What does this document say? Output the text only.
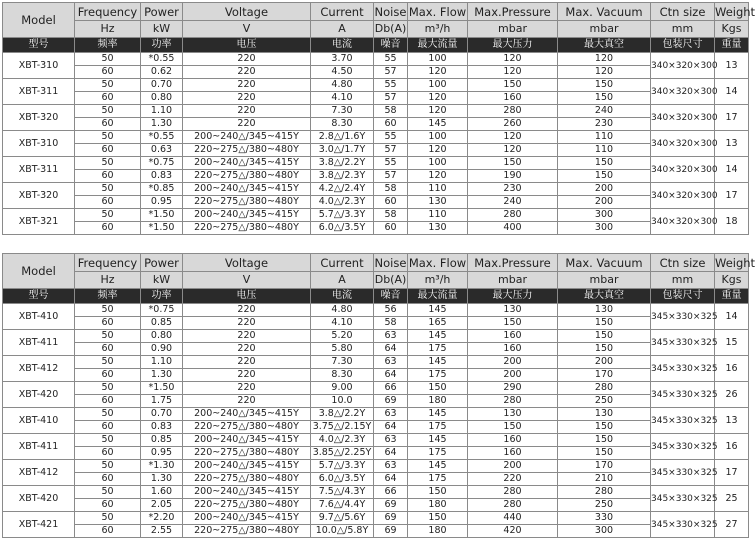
Model	Frequency	Power	Voltage	Current	Noise	Max. Flow	Max.Pressure	Max. Vacuum	Ctn size	Weight
	Hz	kW	V	A	Db(A)	m³/h	mbar	mbar	mm	Kgs
型号	频率	功率	电压	电流	噪音	最大流量	最大压力	最大真空	包装尺寸	重量
XBT-310	50	*0.55	220	3.70	55	100	120	120	340×320×300	13
	60	0.62	220	4.50	57	120	120	120		
XBT-311	50	0.70	220	4.80	55	100	150	150	340×320×300	14
	60	0.80	220	4.10	57	120	160	150		
XBT-320	50	1.10	220	7.30	58	120	280	240	340×320×300	17
	60	1.30	220	8.30	60	145	260	230		
XBT-310	50	*0.55	200~240△/345~415Y	2.8△/1.6Y	55	100	120	110	340×320×300	13
	60	0.63	220~275△/380~480Y	3.0△/1.7Y	57	120	120	110		
XBT-311	50	*0.75	200~240△/345~415Y	3.8△/2.2Y	55	100	150	150	340×320×300	14
	60	0.83	220~275△/380~480Y	3.8△/2.3Y	57	120	190	150		
XBT-320	50	*0.85	200~240△/345~415Y	4.2△/2.4Y	58	110	230	200	340×320×300	17
	60	0.95	220~275△/380~480Y	4.0△/2.3Y	60	130	240	200		
XBT-321	50	*1.50	200~240△/345~415Y	5.7△/3.3Y	58	110	280	300	340×320×300	18
	60	*1.50	220~275△/380~480Y	6.0△/3.5Y	60	130	400	300		
Model	Frequency	Power	Voltage	Current	Noise	Max. Flow	Max.Pressure	Max. Vacuum	Ctn size	Weight
	Hz	kW	V	A	Db(A)	m³/h	mbar	mbar	mm	Kgs
型号	频率	功率	电压	电流	噪音	最大流量	最大压力	最大真空	包装尺寸	重量
XBT-410	50	*0.75	220	4.80	56	145	130	130	345×330×325	14
	60	0.85	220	4.10	58	165	150	150		
XBT-411	50	0.80	220	5.20	63	145	160	150	345×330×325	15
	60	0.90	220	5.80	64	175	160	150		
XBT-412	50	1.10	220	7.30	63	145	200	200	345×330×325	16
	60	1.30	220	8.30	64	175	200	170		
XBT-420	50	*1.50	220	9.00	66	150	290	280	345×330×325	26
	60	1.75	220	10.0	69	180	280	250		
XBT-410	50	0.70	200~240△/345~415Y	3.8△/2.2Y	63	145	130	130	345×330×325	13
	60	0.83	220~275△/380~480Y	3.75△/2.15Y	64	175	150	150		
XBT-411	50	0.85	200~240△/345~415Y	4.0△/2.3Y	63	145	160	150	345×330×325	16
	60	0.95	220~275△/380~480Y	3.85△/2.25Y	64	175	160	150		
XBT-412	50	*1.30	200~240△/345~415Y	5.7△/3.3Y	63	145	200	170	345×330×325	17
	60	1.30	220~275△/380~480Y	6.0△/3.5Y	64	175	220	210		
XBT-420	50	1.60	200~240△/345~415Y	7.5△/4.3Y	66	150	280	280	345×330×325	25
	60	2.05	220~275△/380~480Y	7.6△/4.4Y	69	180	280	250		
XBT-421	50	*2.20	200~240△/345~415Y	9.7△/5.6Y	69	150	440	330	345×330×325	27
	60	2.55	220~275△/380~480Y	10.0△/5.8Y	69	180	420	300		
